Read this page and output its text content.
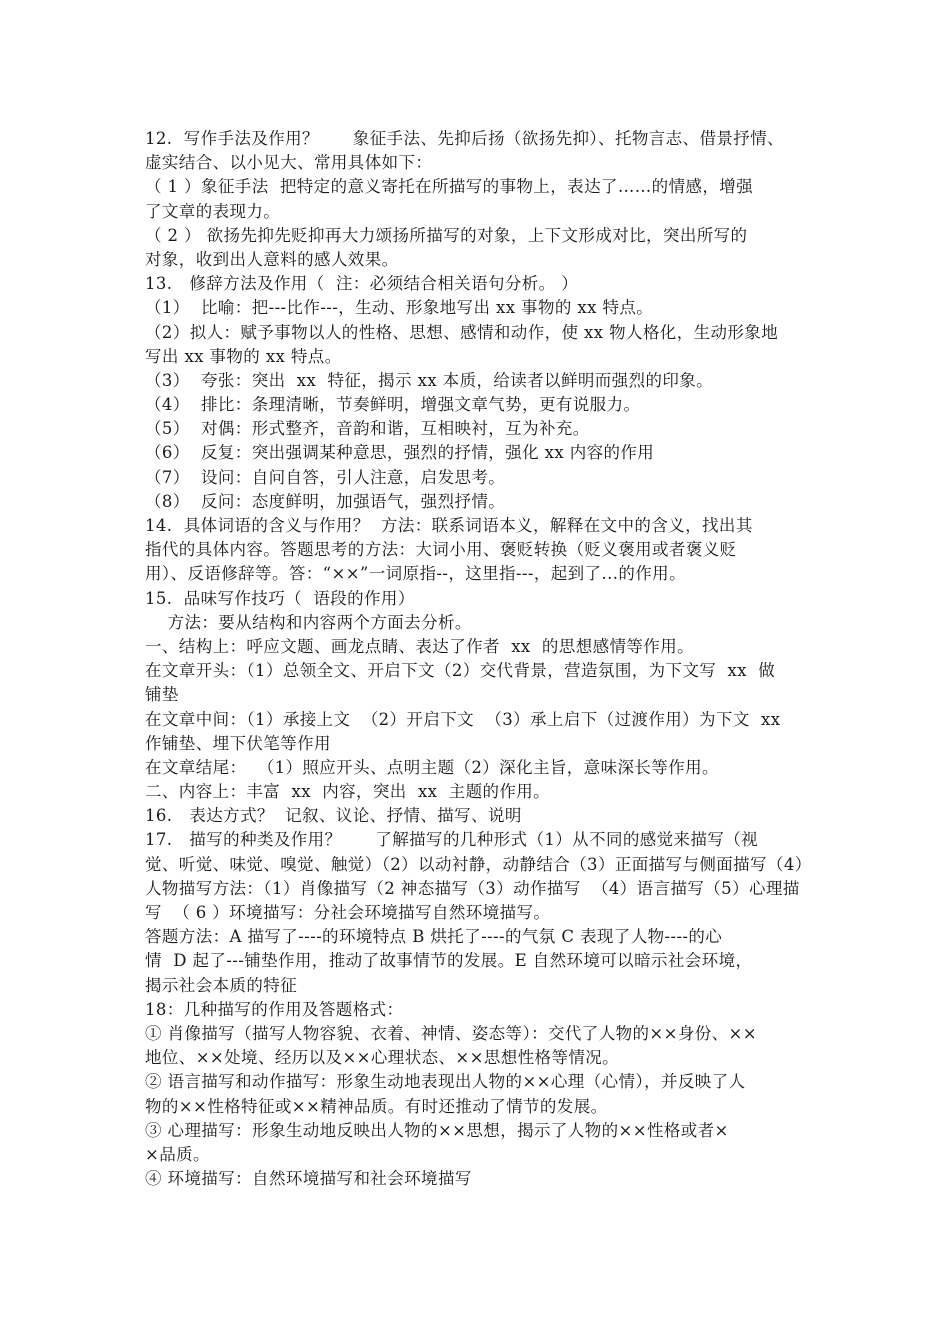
12.  写作手法及作用？      象征手法、先抑后扬（欲扬先抑）、托物言志、借景抒情、
虚实结合、以小见大、常用具体如下：
（ 1 ）象征手法  把特定的意义寄托在所描写的事物上，表达了……的情感，增强
了文章的表现力。
（ 2 ） 欲扬先抑先贬抑再大力颂扬所描写的对象，上下文形成对比，突出所写的
对象，收到出人意料的感人效果。
13.   修辞方法及作用（  注：必须结合相关语句分析。 ）
（1）  比喻：把---比作---，生动、形象地写出 xx 事物的 xx 特点。
（2）拟人：赋予事物以人的性格、思想、感情和动作，使 xx 物人格化，生动形象地
写出 xx 事物的 xx 特点。
（3）  夸张：突出  xx  特征，揭示 xx 本质，给读者以鲜明而强烈的印象。
（4）  排比：条理清晰，节奏鲜明，增强文章气势，更有说服力。
（5）  对偶：形式整齐，音韵和谐，互相映衬，互为补充。
（6）  反复：突出强调某种意思，强烈的抒情，强化 xx 内容的作用
（7）  设问：自问自答，引人注意，启发思考。
（8）  反问：态度鲜明，加强语气，强烈抒情。
14.  具体词语的含义与作用？  方法：联系词语本义，解释在文中的含义，找出其
指代的具体内容。答题思考的方法：大词小用、褒贬转换（贬义褒用或者褒义贬
用）、反语修辞等。答：“××”一词原指--，这里指---，起到了...的作用。
15.  品味写作技巧（  语段的作用）
方法：要从结构和内容两个方面去分析。
一、结构上：呼应文题、画龙点睛、表达了作者  xx  的思想感情等作用。
在文章开头：（1）总领全文、开启下文（2）交代背景，营造氛围，为下文写  xx  做
铺垫
在文章中间：（1）承接上文  （2）开启下文  （3）承上启下（过渡作用）为下文  xx
作铺垫、埋下伏笔等作用
在文章结尾：  （1）照应开头、点明主题（2）深化主旨，意味深长等作用。
二、内容上：丰富  xx  内容，突出  xx  主题的作用。
16.   表达方式？  记叙、议论、抒情、描写、说明
17.   描写的种类及作用？      了解描写的几种形式（1）从不同的感觉来描写（视
觉、听觉、味觉、嗅觉、触觉）（2）以动衬静，动静结合（3）正面描写与侧面描写（4）
人物描写方法：（1）肖像描写（2 神态描写（3）动作描写  （4）语言描写（5）心理描
写  （ 6 ）环境描写：分社会环境描写自然环境描写。
答题方法：A 描写了----的环境特点 B 烘托了----的气氛 C 表现了人物----的心
情  D 起了---铺垫作用，推动了故事情节的发展。E 自然环境可以暗示社会环境，
揭示社会本质的特征
18：几种描写的作用及答题格式：
① 肖像描写（描写人物容貌、衣着、神情、姿态等）：交代了人物的××身份、××
地位、××处境、经历以及××心理状态、××思想性格等情况。
② 语言描写和动作描写：形象生动地表现出人物的××心理（心情），并反映了人
物的××性格特征或××精神品质。有时还推动了情节的发展。
③ 心理描写：形象生动地反映出人物的××思想，揭示了人物的××性格或者×
×品质。
④ 环境描写：自然环境描写和社会环境描写
